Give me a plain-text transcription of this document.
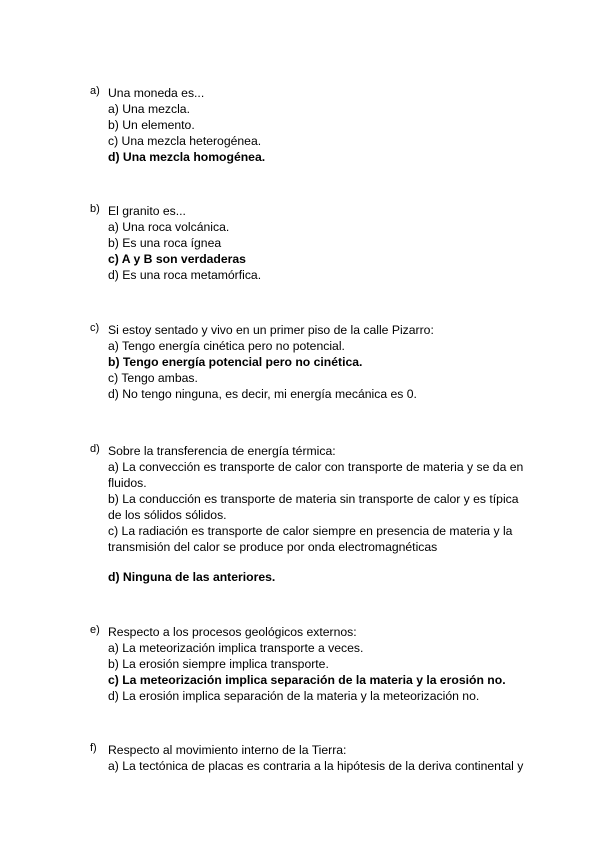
a) Una moneda es...
a) Una mezcla.
b) Un elemento.
c) Una mezcla heterogénea.
d) Una mezcla homogénea.
b) El granito es...
a) Una roca volcánica.
b) Es una roca ígnea
c) A y B son verdaderas
d) Es una roca metamórfica.
c) Si estoy sentado y vivo en un primer piso de la calle Pizarro:
a) Tengo energía cinética pero no potencial.
b) Tengo energía potencial pero no cinética.
c) Tengo ambas.
d) No tengo ninguna, es decir, mi energía mecánica es 0.
d) Sobre la transferencia de energía térmica:
a) La convección es transporte de calor con transporte de materia y se da en fluidos.
b) La conducción es transporte de materia sin transporte de calor y es típica de los sólidos sólidos.
c) La radiación es transporte de calor siempre en presencia de materia y la transmisión del calor se produce por onda electromagnéticas
d) Ninguna de las anteriores.
e) Respecto a los procesos geológicos externos:
a) La meteorización implica transporte a veces.
b) La erosión siempre implica transporte.
c) La meteorización implica separación de la materia y la erosión no.
d) La erosión implica separación de la materia y la meteorización no.
f) Respecto al movimiento interno de la Tierra:
a) La tectónica de placas es contraria a la hipótesis de la deriva continental y
